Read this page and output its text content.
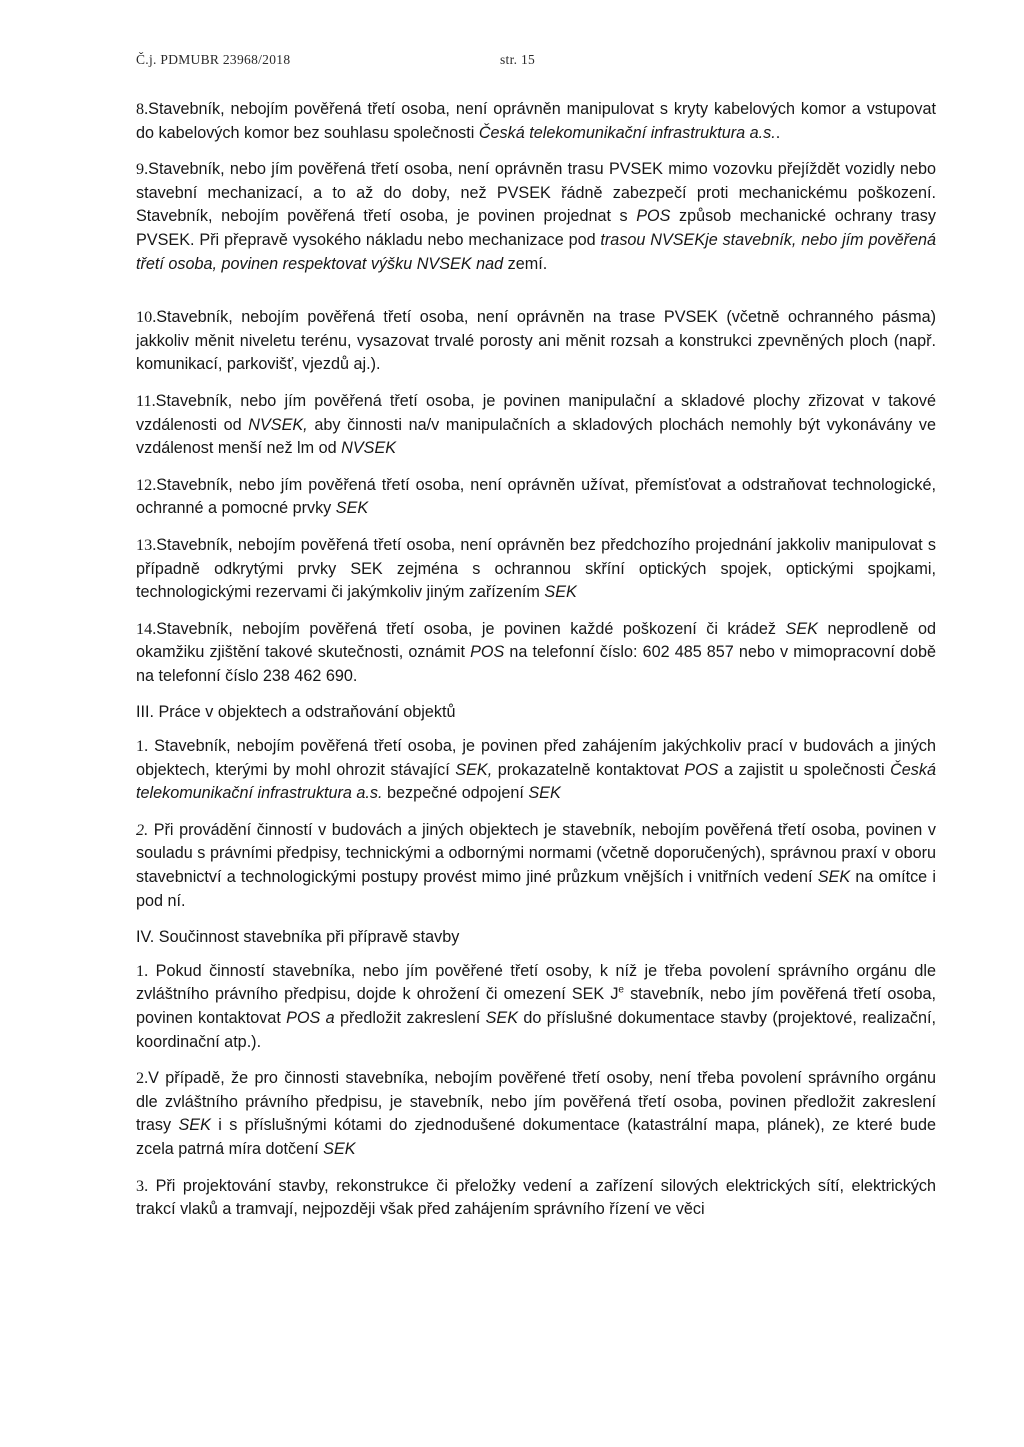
Č.j. PDMUBR 23968/2018	str. 15

8.Stavebník, nebojím pověřená třetí osoba, není oprávněn manipulovat s kryty kabelových komor a vstupovat do kabelových komor bez souhlasu společnosti Česká telekomunikační infrastruktura a.s..

9.Stavebník, nebo jím pověřená třetí osoba, není oprávněn trasu PVSEK mimo vozovku přejíždět vozidly nebo stavební mechanizací, a to až do doby, než PVSEK řádně zabezpečí proti mechanickému poškození. Stavebník, nebojím pověřená třetí osoba, je povinen projednat s POS způsob mechanické ochrany trasy PVSEK. Při přepravě vysokého nákladu nebo mechanizace pod trasou NVSEKje stavebník, nebo jím pověřená třetí osoba, povinen respektovat výšku NVSEK nad zemí.

10.Stavebník, nebojím pověřená třetí osoba, není oprávněn na trase PVSEK (včetně ochranného pásma) jakkoliv měnit niveletu terénu, vysazovat trvalé porosty ani měnit rozsah a konstrukci zpevněných ploch (např. komunikací, parkovišť, vjezdů aj.).

11.Stavebník, nebo jím pověřená třetí osoba, je povinen manipulační a skladové plochy zřizovat v takové vzdálenosti od NVSEK, aby činnosti na/v manipulačních a skladových plochách nemohly být vykonávány ve vzdálenost menší než lm od NVSEK

12.Stavebník, nebo jím pověřená třetí osoba, není oprávněn užívat, přemísťovat a odstraňovat technologické, ochranné a pomocné prvky SEK

13.Stavebník, nebojím pověřená třetí osoba, není oprávněn bez předchozího projednání jakkoliv manipulovat s případně odkrytými prvky SEK zejména s ochrannou skříní optických spojek, optickými spojkami, technologickými rezervami či jakýmkoliv jiným zařízením SEK

14.Stavebník, nebojím pověřená třetí osoba, je povinen každé poškození či krádež SEK neprodleně od okamžiku zjištění takové skutečnosti, oznámit POS na telefonní číslo: 602 485 857 nebo v mimopracovní době na telefonní číslo 238 462 690.

III. Práce v objektech a odstraňování objektů

1. Stavebník, nebojím pověřená třetí osoba, je povinen před zahájením jakýchkoliv prací v budovách a jiných objektech, kterými by mohl ohrozit stávající SEK, prokazatelně kontaktovat POS a zajistit u společnosti Česká telekomunikační infrastruktura a.s. bezpečné odpojení SEK

2. Při provádění činností v budovách a jiných objektech je stavebník, nebojím pověřená třetí osoba, povinen v souladu s právními předpisy, technickými a odbornými normami (včetně doporučených), správnou praxí v oboru stavebnictví a technologickými postupy provést mimo jiné průzkum vnějších i vnitřních vedení SEK na omítce i pod ní.

IV. Součinnost stavebníka při přípravě stavby

1. Pokud činností stavebníka, nebo jím pověřené třetí osoby, k níž je třeba povolení správního orgánu dle zvláštního právního předpisu, dojde k ohrožení či omezení SEK $J^e$ stavebník, nebo jím pověřená třetí osoba, povinen kontaktovat POS a předložit zakreslení SEK do příslušné dokumentace stavby (projektové, realizační, koordinační atp.).

2.V případě, že pro činnosti stavebníka, nebojím pověřené třetí osoby, není třeba povolení správního orgánu dle zvláštního právního předpisu, je stavebník, nebo jím pověřená třetí osoba, povinen předložit zakreslení trasy SEK i s příslušnými kótami do zjednodušené dokumentace (katastrální mapa, plánek), ze které bude zcela patrná míra dotčení SEK

3. Při projektování stavby, rekonstrukce či přeložky vedení a zařízení silových elektrických sítí, elektrických trakcí vlaků a tramvají, nejpozději však před zahájením správního řízení ve věci
